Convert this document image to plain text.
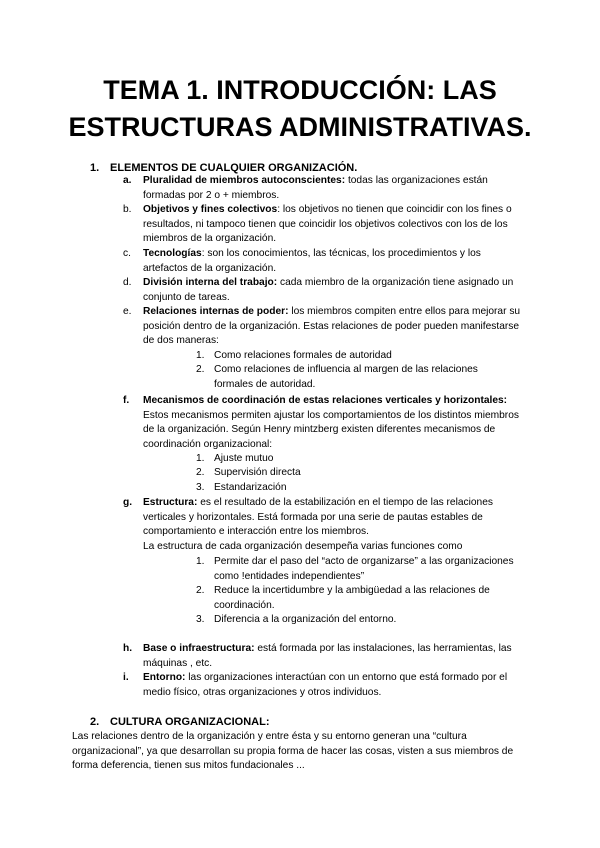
TEMA 1. INTRODUCCIÓN: LAS
ESTRUCTURAS ADMINISTRATIVAS.
1. ELEMENTOS DE CUALQUIER ORGANIZACIÓN.
a.	Pluralidad de miembros autoconscientes: todas las organizaciones están formadas por 2 o + miembros.
b.	Objetivos y fines colectivos: los objetivos no tienen que coincidir con los fines o resultados, ni tampoco tienen que coincidir los objetivos colectivos con los de los miembros de la organización.
c.	Tecnologías: son los conocimientos, las técnicas, los procedimientos y los artefactos de la organización.
d.	División interna del trabajo: cada miembro de la organización tiene asignado un conjunto de tareas.
e.	Relaciones internas de poder: los miembros compiten entre ellos para mejorar su posición dentro de la organización. Estas relaciones de poder pueden manifestarse de dos maneras:
1. Como relaciones formales de autoridad
2. Como relaciones de influencia al margen de las relaciones formales de autoridad.
f.	Mecanismos de coordinación de estas relaciones verticales y horizontales: Estos mecanismos permiten ajustar los comportamientos de los distintos miembros de la organización. Según Henry mintzberg existen diferentes mecanismos de coordinación organizacional:
1. Ajuste mutuo
2. Supervisión directa
3. Estandarización
g.	Estructura: es el resultado de la estabilización en el tiempo de las relaciones verticales y horizontales. Está formada por una serie de pautas estables de comportamiento e interacción entre los miembros.
La estructura de cada organización desempeña varias funciones como
1. Permite dar el paso del “acto de organizarse” a las organizaciones como !entidades independientes”
2. Reduce la incertidumbre y la ambigüedad a las relaciones de coordinación.
3. Diferencia a la organización del entorno.
h.	Base o infraestructura: está formada por las instalaciones, las herramientas, las máquinas , etc.
i.	Entorno: las organizaciones interactúan con un entorno que está formado por el medio físico, otras organizaciones y otros individuos.
2. CULTURA ORGANIZACIONAL:
Las relaciones dentro de la organización y entre ésta y su entorno generan una “cultura organizacional”, ya que desarrollan su propia forma de hacer las cosas, visten a sus miembros de forma deferencia, tienen sus mitos fundacionales ...
